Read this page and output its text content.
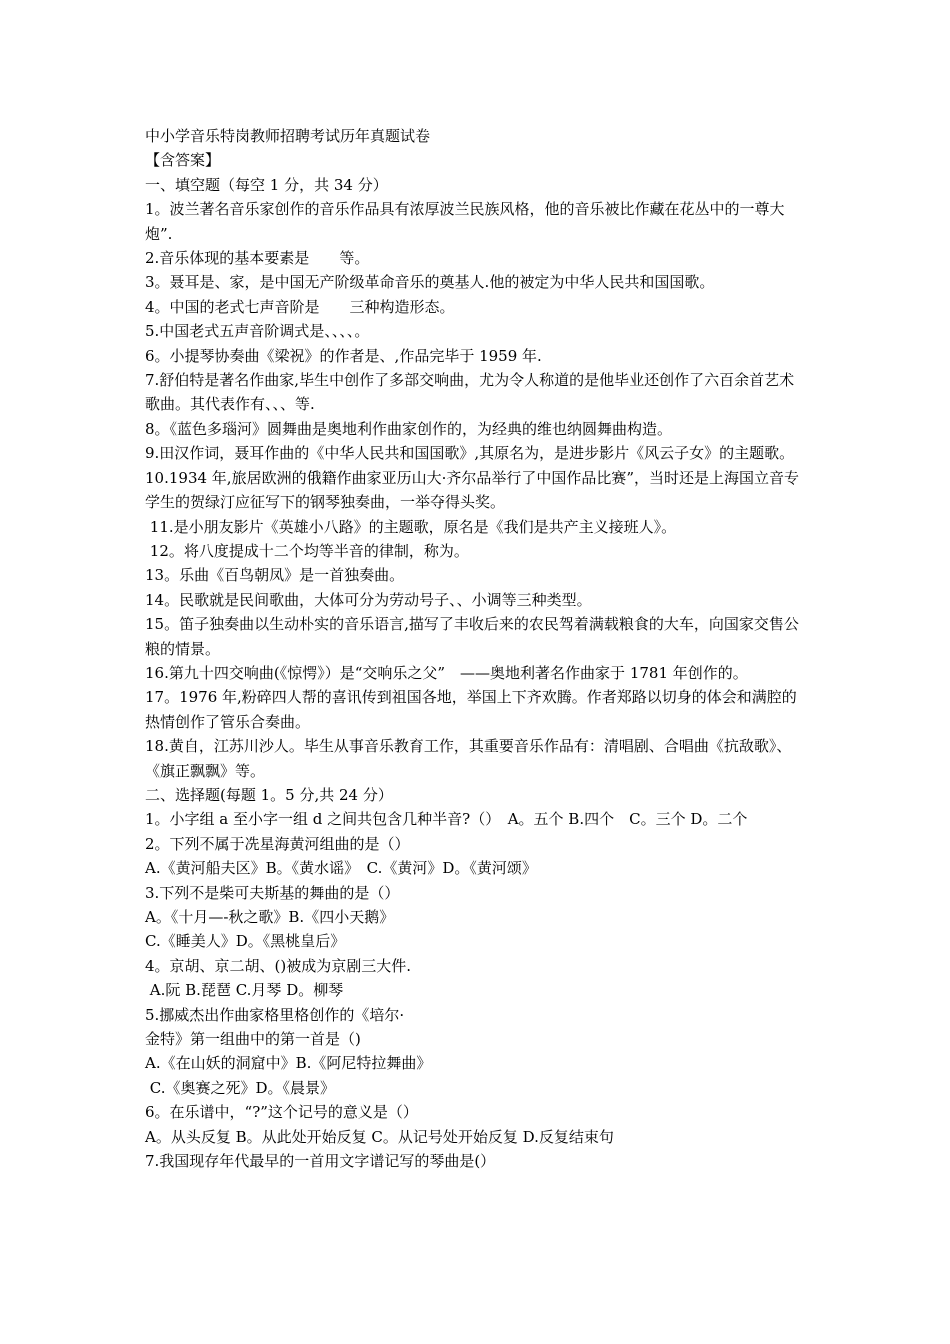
中小学音乐特岗教师招聘考试历年真题试卷

【含答案】

一、填空题（每空 1 分，共 34 分）

1。波兰著名音乐家创作的音乐作品具有浓厚波兰民族风格，他的音乐被比作藏在花丛中的一尊大炮”.

2.音乐体现的基本要素是　　等。

3。聂耳是、家，是中国无产阶级革命音乐的奠基人.他的被定为中华人民共和国国歌。

4。中国的老式七声音阶是　　三种构造形态。

5.中国老式五声音阶调式是、、、、。

6。小提琴协奏曲《梁祝》的作者是、,作品完毕于 1959 年.

7.舒伯特是著名作曲家,毕生中创作了多部交响曲，尤为令人称道的是他毕业还创作了六百余首艺术歌曲。其代表作有、、、等.

8。《蓝色多瑙河》圆舞曲是奥地利作曲家创作的，为经典的维也纳圆舞曲构造。

9.田汉作词，聂耳作曲的《中华人民共和国国歌》,其原名为，是进步影片《风云子女》的主题歌。　 10.1934 年,旅居欧洲的俄籍作曲家亚历山大·齐尔品举行了中国作品比赛”，当时还是上海国立音专学生的贺绿汀应征写下的钢琴独奏曲，一举夺得头奖。

11.是小朋友影片《英雄小八路》的主题歌，原名是《我们是共产主义接班人》。

12。将八度提成十二个均等半音的律制，称为。

13。乐曲《百鸟朝凤》是一首独奏曲。

14。民歌就是民间歌曲，大体可分为劳动号子、、小调等三种类型。

15。笛子独奏曲以生动朴实的音乐语言,描写了丰收后来的农民驾着满载粮食的大车，向国家交售公粮的情景。

16.第九十四交响曲(《惊愕》）是“交响乐之父”　——奥地利著名作曲家于 1781 年创作的。

17。1976 年,粉碎四人帮的喜讯传到祖国各地，举国上下齐欢腾。作者郑路以切身的体会和满腔的热情创作了管乐合奏曲。

18.黄自，江苏川沙人。毕生从事音乐教育工作，其重要音乐作品有：清唱剧、合唱曲《抗敌歌》、《旗正飘飘》等。

二、选择题(每题 1。5 分,共 24 分）

1。小字组 a 至小字一组 d 之间共包含几种半音?（）　A。五个 B.四个　C。三个 D。二个

2。下列不属于冼星海黄河组曲的是（）

A.《黄河船夫区》B。《黄水谣》　C.《黄河》D。《黄河颂》

3.下列不是柴可夫斯基的舞曲的是（）

A。《十月—-秋之歌》B.《四小天鹅》

C.《睡美人》D。《黑桃皇后》

4。京胡、京二胡、()被成为京剧三大件.

A.阮 B.琵琶 C.月琴 D。柳琴

5.挪威杰出作曲家格里格创作的《培尔·

金特》第一组曲中的第一首是（)

A.《在山妖的洞窟中》B.《阿尼特拉舞曲》

C.《奥赛之死》D。《晨景》

6。在乐谱中，“?”这个记号的意义是（）

A。从头反复 B。从此处开始反复 C。从记号处开始反复 D.反复结束句

7.我国现存年代最早的一首用文字谱记写的琴曲是(）
